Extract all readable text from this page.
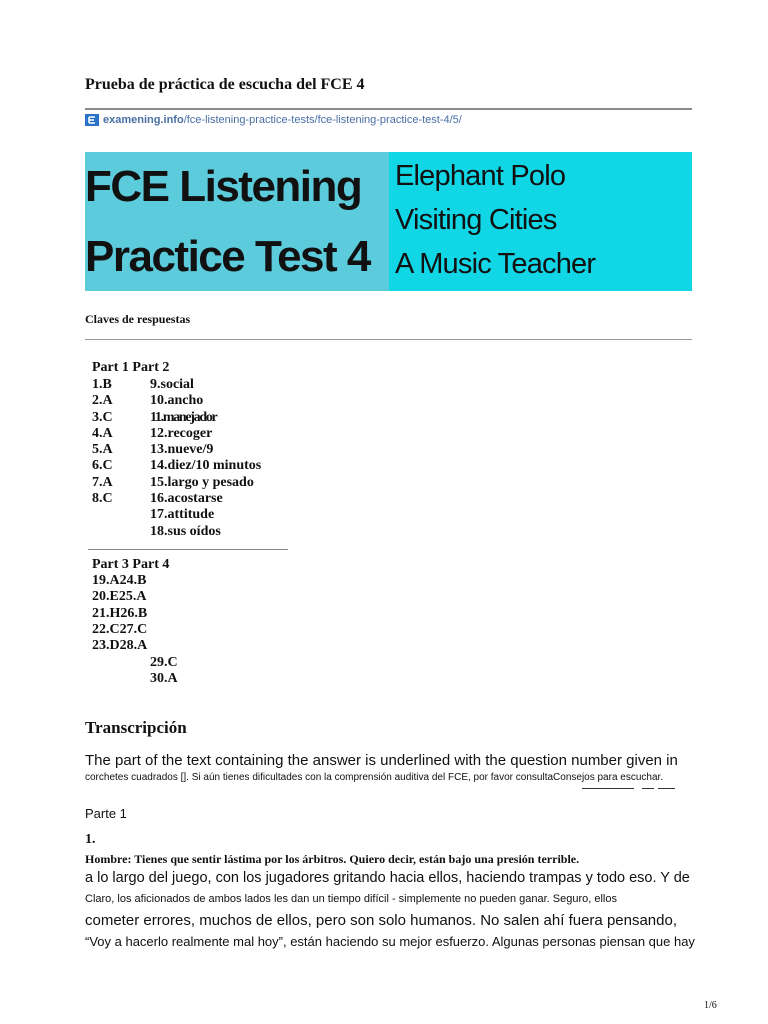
Prueba de práctica de escucha del FCE 4
examening.info /fce-listening-practice-tests/fce-listening-practice-test-4/5/
FCE Listening
Practice Test 4
Elephant Polo
Visiting Cities
A Music Teacher
Claves de respuestas
Part 1 Part 2
1.B
2.A
3.C
4.A
5.A
6.C
7.A
8.C
9.social
10.ancho
11.manejador
12.recoger
13.nueve/9
14.diez/10 minutos
15.largo y pesado
16.acostarse
17.attitude
18.sus oídos
Part 3 Part 4
19.A24.B
20.E25.A
21.H26.B
22.C27.C
23.D28.A
29.C
30.A
Transcripción
The part of the text containing the answer is underlined with the question number given in
corchetes cuadrados []. Si aún tienes dificultades con la comprensión auditiva del FCE, por favor consultaConsejos para escuchar.
Parte 1
1.
Hombre: Tienes que sentir lástima por los árbitros. Quiero decir, están bajo una presión terrible.
a lo largo del juego, con los jugadores gritando hacia ellos, haciendo trampas y todo eso. Y de
Claro, los aficionados de ambos lados les dan un tiempo difícil - simplemente no pueden ganar. Seguro, ellos
cometer errores, muchos de ellos, pero son solo humanos. No salen ahí fuera pensando,
“Voy a hacerlo realmente mal hoy”, están haciendo su mejor esfuerzo. Algunas personas piensan que hay
1/6
